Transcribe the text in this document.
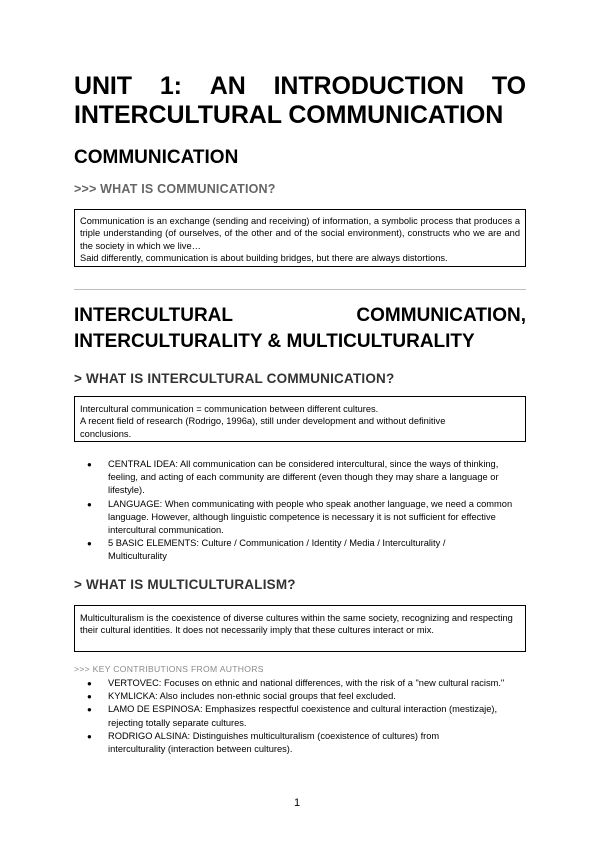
UNIT 1: AN INTRODUCTION TO
INTERCULTURAL COMMUNICATION
COMMUNICATION
>>> WHAT IS COMMUNICATION?

Communication is an exchange (sending and receiving) of information, a symbolic process that produces a triple understanding (of ourselves, of the other and of the social environment), constructs who we are and the society in which we live…

Said differently, communication is about building bridges, but there are always distortions.

INTERCULTURAL	COMMUNICATION,
INTERCULTURALITY & MULTICULTURALITY
> WHAT IS INTERCULTURAL COMMUNICATION?

Intercultural communication = communication between different cultures.

A recent field of research (Rodrigo, 1996a), still under development and without definitive conclusions.

● CENTRAL IDEA: All communication can be considered intercultural, since the ways of thinking, feeling, and acting of each community are different (even though they may share a language or lifestyle).
● LANGUAGE: When communicating with people who speak another language, we need a common language. However, although linguistic competence is necessary it is not sufficient for effective intercultural communication.
● 5 BASIC ELEMENTS: Culture / Communication / Identity / Media / Interculturality / Multiculturality
> WHAT IS MULTICULTURALISM?

Multiculturalism is the coexistence of diverse cultures within the same society, recognizing and respecting their cultural identities. It does not necessarily imply that these cultures interact or mix.

>>> KEY CONTRIBUTIONS FROM AUTHORS
● VERTOVEC: Focuses on ethnic and national differences, with the risk of a "new cultural racism."
● KYMLICKA: Also includes non-ethnic social groups that feel excluded.
● LAMO DE ESPINOSA: Emphasizes respectful coexistence and cultural interaction (mestizaje), rejecting totally separate cultures.
● RODRIGO ALSINA: Distinguishes multiculturalism (coexistence of cultures) from interculturality (interaction between cultures).
1
